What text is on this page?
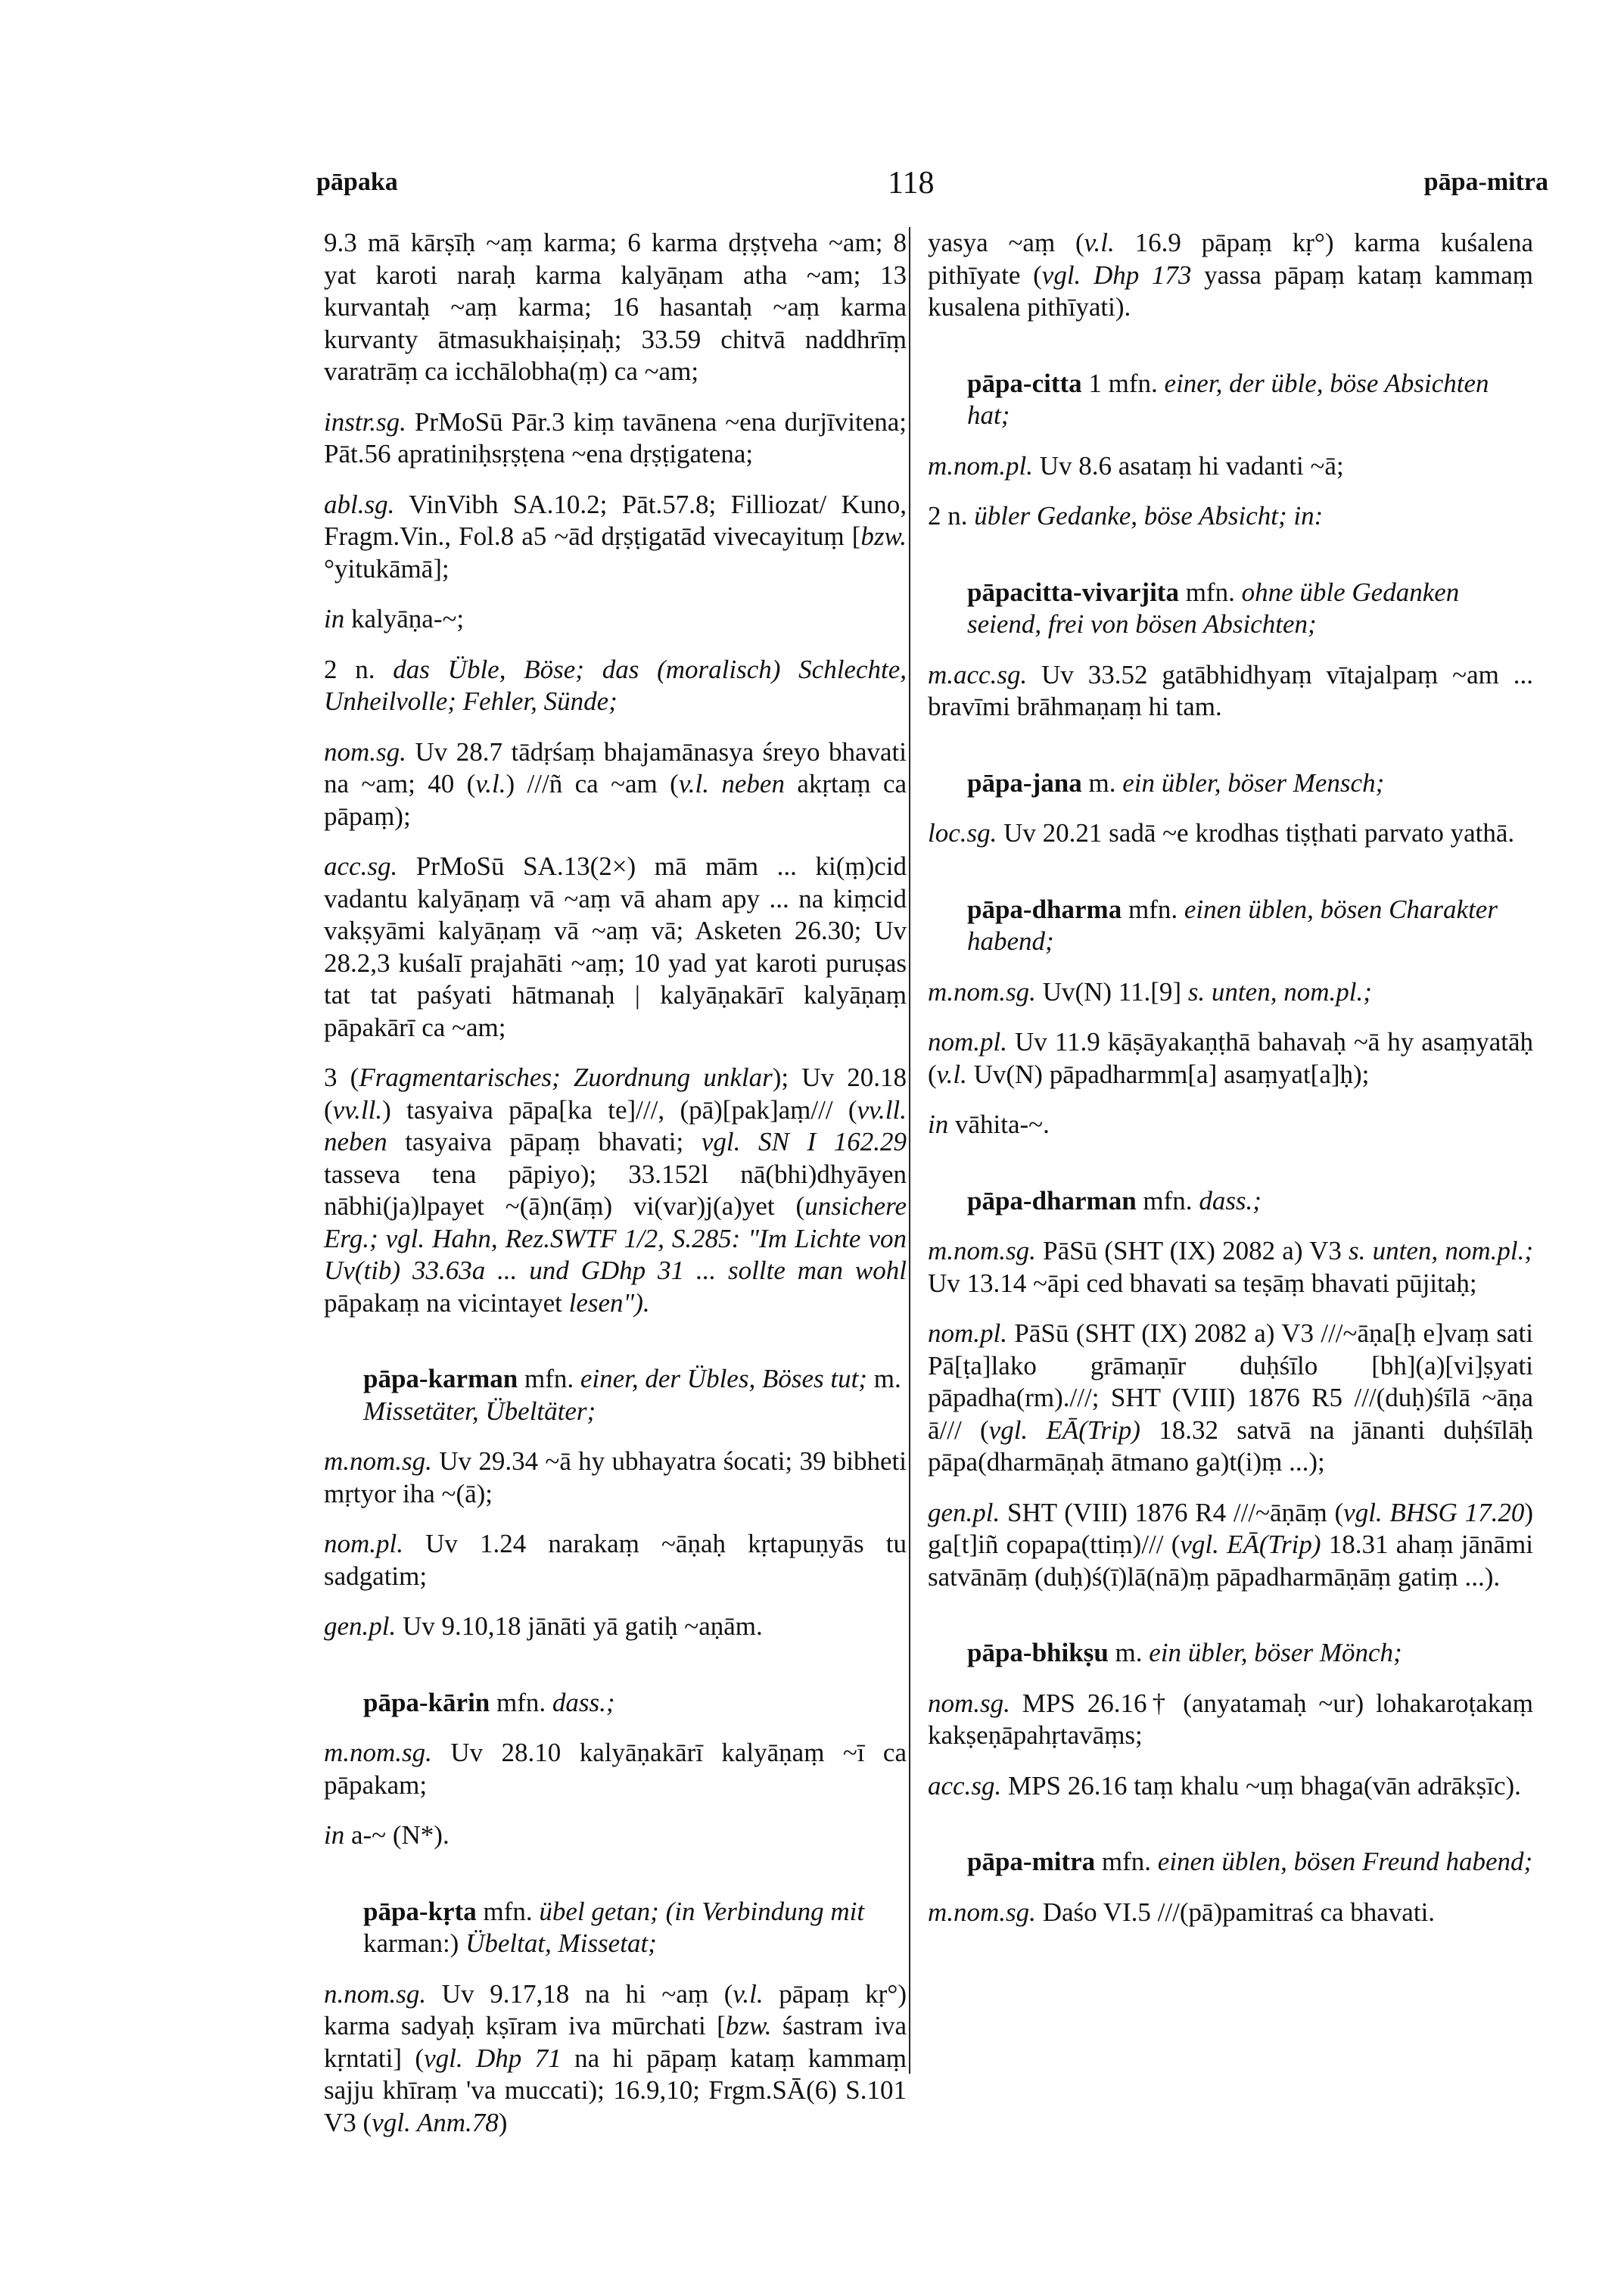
pāpaka	118	pāpa-mitra

9.3 mā kārṣīḥ ~aṃ karma; 6 karma dṛṣṭveha ~am; 8 yat karoti naraḥ karma kalyāṇam atha ~am; 13 kurvantaḥ ~aṃ karma; 16 hasantaḥ ~aṃ karma kurvanty ātmasukhaiṣiṇaḥ; 33.59 chitvā naddhrīṃ varatrāṃ ca icchālobha(ṃ) ca ~am;

instr.sg. PrMoSū Pār.3 kiṃ tavānena ~ena durjīvitena; Pāt.56 apratiniḥsṛṣṭena ~ena dṛṣṭigatena;

abl.sg. VinVibh SA.10.2; Pāt.57.8; Filliozat/ Kuno, Fragm.Vin., Fol.8 a5 ~ād dṛṣṭigatād vivecayituṃ [bzw. °yitukāmā];

in kalyāṇa-~;

2 n. das Üble, Böse; das (moralisch) Schlechte, Unheilvolle; Fehler, Sünde;

nom.sg. Uv 28.7 tādṛśaṃ bhajamānasya śreyo bhavati na ~am; 40 (v.l.) ///ñ ca ~am (v.l. neben akṛtaṃ ca pāpaṃ);

acc.sg. PrMoSū SA.13(2×) mā mām ... ki(ṃ)cid vadantu kalyāṇaṃ vā ~aṃ vā aham apy ... na kiṃcid vakṣyāmi kalyāṇaṃ vā ~aṃ vā; Asketen 26.30; Uv 28.2,3 kuśalī prajahāti ~aṃ; 10 yad yat karoti puruṣas tat tat paśyati hātmanaḥ | kalyāṇakārī kalyāṇaṃ pāpakārī ca ~am;

3 (Fragmentarisches; Zuordnung unklar); Uv 20.18 (vv.ll.) tasyaiva pāpa[ka te]///, (pā)[pak]aṃ/// (vv.ll. neben tasyaiva pāpaṃ bhavati; vgl. SN I 162.29 tasseva tena pāpiyo); 33.152l nā(bhi)dhyāyen nābhi(ja)lpayet ~(ā)n(āṃ) vi(var)j(a)yet (unsichere Erg.; vgl. Hahn, Rez.SWTF 1/2, S.285: "Im Lichte von Uv(tib) 33.63a ... und GDhp 31 ... sollte man wohl pāpakaṃ na vicintayet lesen").

pāpa-karman mfn. einer, der Übles, Böses tut; m. Missetäter, Übeltäter;

m.nom.sg. Uv 29.34 ~ā hy ubhayatra śocati; 39 bibheti mṛtyor iha ~(ā);

nom.pl. Uv 1.24 narakaṃ ~āṇaḥ kṛtapuṇyās tu sadgatim;

gen.pl. Uv 9.10,18 jānāti yā gatiḥ ~aṇām.

pāpa-kārin mfn. dass.;

m.nom.sg. Uv 28.10 kalyāṇakārī kalyāṇaṃ ~ī ca pāpakam;

in a-~ (N*).

pāpa-kṛta mfn. übel getan; (in Verbindung mit karman:) Übeltat, Missetat;

n.nom.sg. Uv 9.17,18 na hi ~aṃ (v.l. pāpaṃ kṛ°) karma sadyaḥ kṣīram iva mūrchati [bzw. śastram iva kṛntati] (vgl. Dhp 71 na hi pāpaṃ kataṃ kammaṃ sajju khīraṃ 'va muccati); 16.9,10; Frgm.SĀ(6) S.101 V3 (vgl. Anm.78)

yasya ~aṃ (v.l. 16.9 pāpaṃ kṛ°) karma kuśalena pithīyate (vgl. Dhp 173 yassa pāpaṃ kataṃ kammaṃ kusalena pithīyati).

pāpa-citta 1 mfn. einer, der üble, böse Absichten hat;

m.nom.pl. Uv 8.6 asataṃ hi vadanti ~ā;

2 n. übler Gedanke, böse Absicht; in:

pāpacitta-vivarjita mfn. ohne üble Gedanken seiend, frei von bösen Absichten;

m.acc.sg. Uv 33.52 gatābhidhyaṃ vītajalpaṃ ~am ... bravīmi brāhmaṇaṃ hi tam.

pāpa-jana m. ein übler, böser Mensch;

loc.sg. Uv 20.21 sadā ~e krodhas tiṣṭhati parvato yathā.

pāpa-dharma mfn. einen üblen, bösen Charakter habend;

m.nom.sg. Uv(N) 11.[9] s. unten, nom.pl.;

nom.pl. Uv 11.9 kāṣāyakaṇṭhā bahavaḥ ~ā hy asaṃyatāḥ (v.l. Uv(N) pāpadharmm[a] asaṃyat[a]ḥ);

in vāhita-~.

pāpa-dharman mfn. dass.;

m.nom.sg. PāSū (SHT (IX) 2082 a) V3 s. unten, nom.pl.; Uv 13.14 ~āpi ced bhavati sa teṣāṃ bhavati pūjitaḥ;

nom.pl. PāSū (SHT (IX) 2082 a) V3 ///~āṇa[ḥ e]vaṃ sati Pā[ṭa]lako grāmaṇīr duḥśīlo [bh](a)[vi]ṣyati pāpadha(rm).///; SHT (VIII) 1876 R5 ///(duḥ)śīlā ~āṇa ā/// (vgl. EĀ(Trip) 18.32 satvā na jānanti duḥśīlāḥ pāpa(dharmāṇaḥ ātmano ga)t(i)ṃ ...);

gen.pl. SHT (VIII) 1876 R4 ///~āṇāṃ (vgl. BHSG 17.20) ga[t]iñ copapa(ttiṃ)/// (vgl. EĀ(Trip) 18.31 ahaṃ jānāmi satvānāṃ (duḥ)ś(ī)lā(nā)ṃ pāpadharmāṇāṃ gatiṃ ...).

pāpa-bhikṣu m. ein übler, böser Mönch;

nom.sg. MPS 26.16† (anyatamaḥ ~ur) lohakaroṭakaṃ kakṣeṇāpahṛtavāṃs;

acc.sg. MPS 26.16 taṃ khalu ~uṃ bhaga(vān adrākṣīc).

pāpa-mitra mfn. einen üblen, bösen Freund habend;

m.nom.sg. Daśo VI.5 ///(pā)pamitraś ca bhavati.
